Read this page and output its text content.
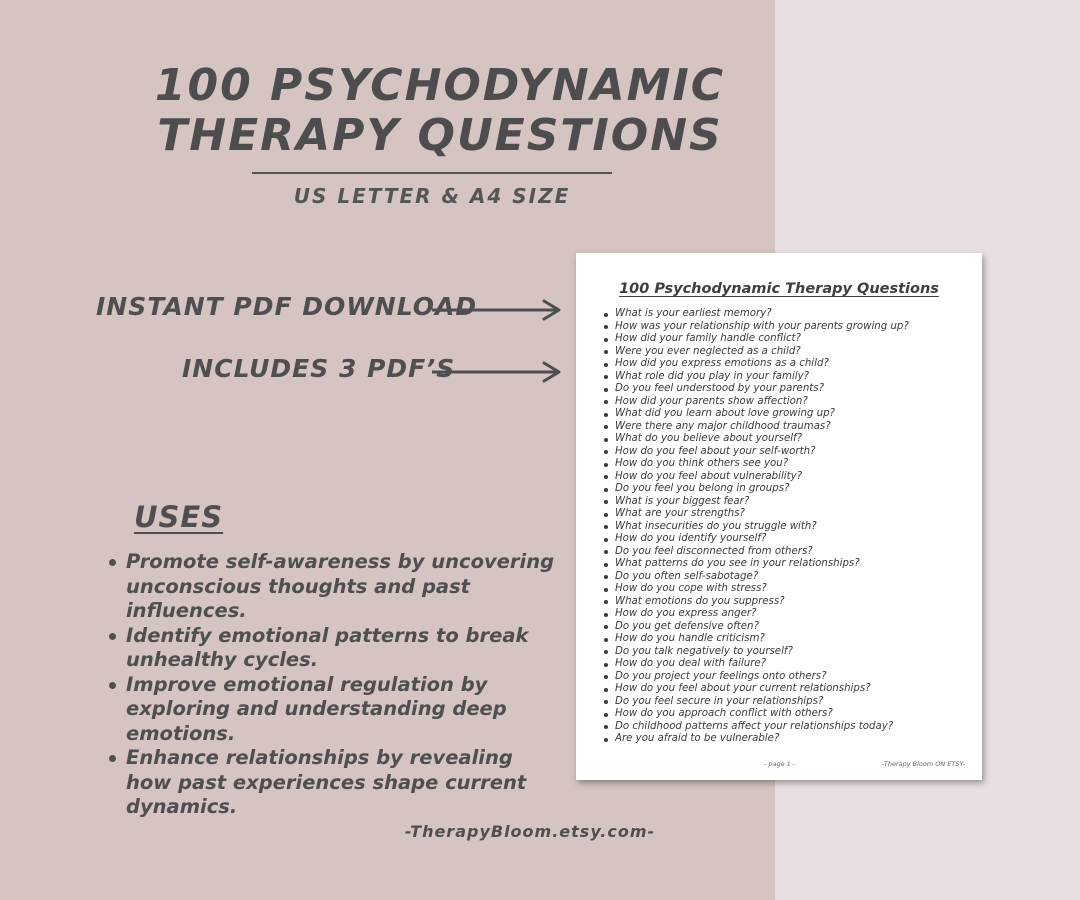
100 PSYCHODYNAMIC
THERAPY QUESTIONS
US LETTER & A4 SIZE
INSTANT PDF DOWNLOAD
INCLUDES 3 PDF’S
USES
Promote self-awareness by uncovering unconscious thoughts and past influences.
Identify emotional patterns to break unhealthy cycles.
Improve emotional regulation by exploring and understanding deep emotions.
Enhance relationships by revealing how past experiences shape current dynamics.
100 Psychodynamic Therapy Questions
What is your earliest memory?
How was your relationship with your parents growing up?
How did your family handle conflict?
Were you ever neglected as a child?
How did you express emotions as a child?
What role did you play in your family?
Do you feel understood by your parents?
How did your parents show affection?
What did you learn about love growing up?
Were there any major childhood traumas?
What do you believe about yourself?
How do you feel about your self-worth?
How do you think others see you?
How do you feel about vulnerability?
Do you feel you belong in groups?
What is your biggest fear?
What are your strengths?
What insecurities do you struggle with?
How do you identify yourself?
Do you feel disconnected from others?
What patterns do you see in your relationships?
Do you often self-sabotage?
How do you cope with stress?
What emotions do you suppress?
How do you express anger?
Do you get defensive often?
How do you handle criticism?
Do you talk negatively to yourself?
How do you deal with failure?
Do you project your feelings onto others?
How do you feel about your current relationships?
Do you feel secure in your relationships?
How do you approach conflict with others?
Do childhood patterns affect your relationships today?
Are you afraid to be vulnerable?
- page 1 -	-Therapy Bloom ON ETSY-
-TherapyBloom.etsy.com-
